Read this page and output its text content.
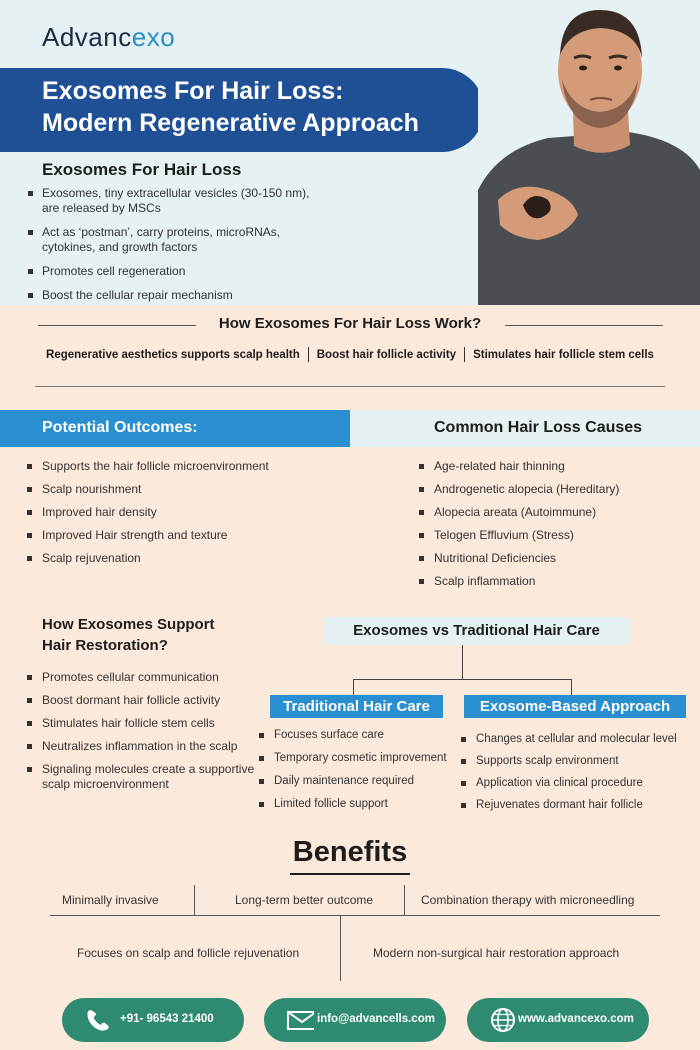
Advancexo
Exosomes For Hair Loss:
Modern Regenerative Approach
Exosomes For Hair Loss
Exosomes, tiny extracellular vesicles (30-150 nm), are released by MSCs
Act as ‘postman’, carry proteins, microRNAs, cytokines, and growth factors
Promotes cell regeneration
Boost the cellular repair mechanism
How Exosomes For Hair Loss Work?
Regenerative aesthetics supports scalp health Boost hair follicle activity Stimulates hair follicle stem cells
Potential Outcomes:	Common Hair Loss Causes
Supports the hair follicle microenvironment
Scalp nourishment
Improved hair density
Improved Hair strength and texture
Scalp rejuvenation
Age-related hair thinning
Androgenetic alopecia (Hereditary)
Alopecia areata (Autoimmune)
Telogen Effluvium (Stress)
Nutritional Deficiencies
Scalp inflammation
How Exosomes Support
Hair Restoration?
Promotes cellular communication
Boost dormant hair follicle activity
Stimulates hair follicle stem cells
Neutralizes inflammation in the scalp
Signaling molecules create a supportive scalp microenvironment
Exosomes vs Traditional Hair Care
Traditional Hair Care	Exosome-Based Approach
Focuses surface care
Temporary cosmetic improvement
Daily maintenance required
Limited follicle support
Changes at cellular and molecular level
Supports scalp environment
Application via clinical procedure
Rejuvenates dormant hair follicle
Benefits
Minimally invasive	Long-term better outcome	Combination therapy with microneedling
Focuses on scalp and follicle rejuvenation	Modern non-surgical hair restoration approach
+91- 96543 21400	info@advancells.com	www.advancexo.com
